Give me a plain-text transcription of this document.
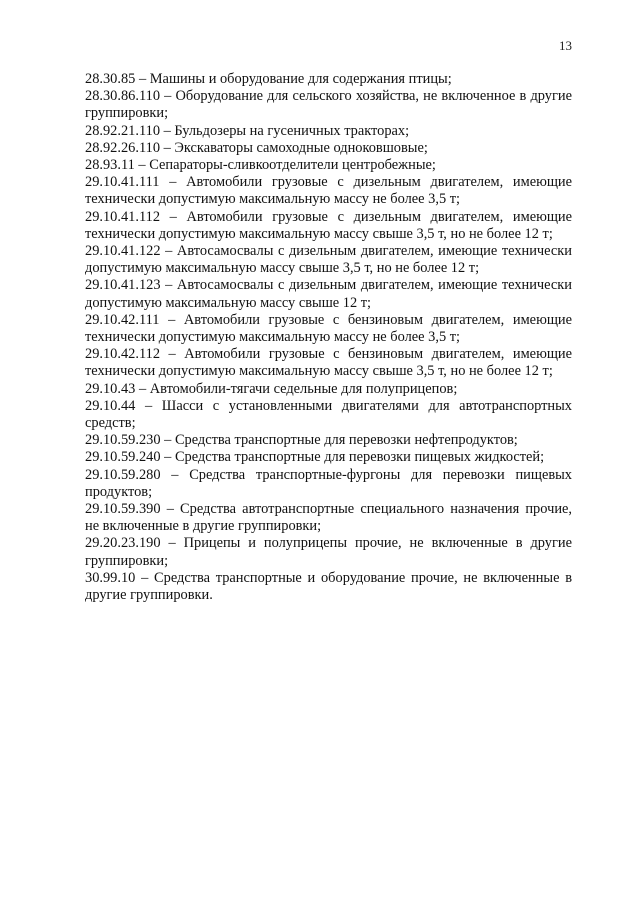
13

28.30.85 – Машины и оборудование для содержания птицы;

28.30.86.110 – Оборудование для сельского хозяйства, не включенное в другие группировки;

28.92.21.110 – Бульдозеры на гусеничных тракторах;

28.92.26.110 – Экскаваторы самоходные одноковшовые;

28.93.11 – Сепараторы-сливкоотделители центробежные;

29.10.41.111 – Автомобили грузовые с дизельным двигателем, имеющие технически допустимую максимальную массу не более 3,5 т;

29.10.41.112 – Автомобили грузовые с дизельным двигателем, имеющие технически допустимую максимальную массу свыше 3,5 т, но не более 12 т;

29.10.41.122 – Автосамосвалы с дизельным двигателем, имеющие технически допустимую максимальную массу свыше 3,5 т, но не более 12 т;

29.10.41.123 – Автосамосвалы с дизельным двигателем, имеющие технически допустимую максимальную массу свыше 12 т;

29.10.42.111 – Автомобили грузовые с бензиновым двигателем, имеющие технически допустимую максимальную массу не более 3,5 т;

29.10.42.112 – Автомобили грузовые с бензиновым двигателем, имеющие технически допустимую максимальную массу свыше 3,5 т, но не более 12 т;

29.10.43 – Автомобили-тягачи седельные для полуприцепов;

29.10.44 – Шасси с установленными двигателями для автотранспортных средств;

29.10.59.230 – Средства транспортные для перевозки нефтепродуктов;

29.10.59.240 – Средства транспортные для перевозки пищевых жидкостей;

29.10.59.280 – Средства транспортные-фургоны для перевозки пищевых продуктов;

29.10.59.390 – Средства автотранспортные специального назначения прочие, не включенные в другие группировки;

29.20.23.190 – Прицепы и полуприцепы прочие, не включенные в другие группировки;

30.99.10 – Средства транспортные и оборудование прочие, не включенные в другие группировки.
